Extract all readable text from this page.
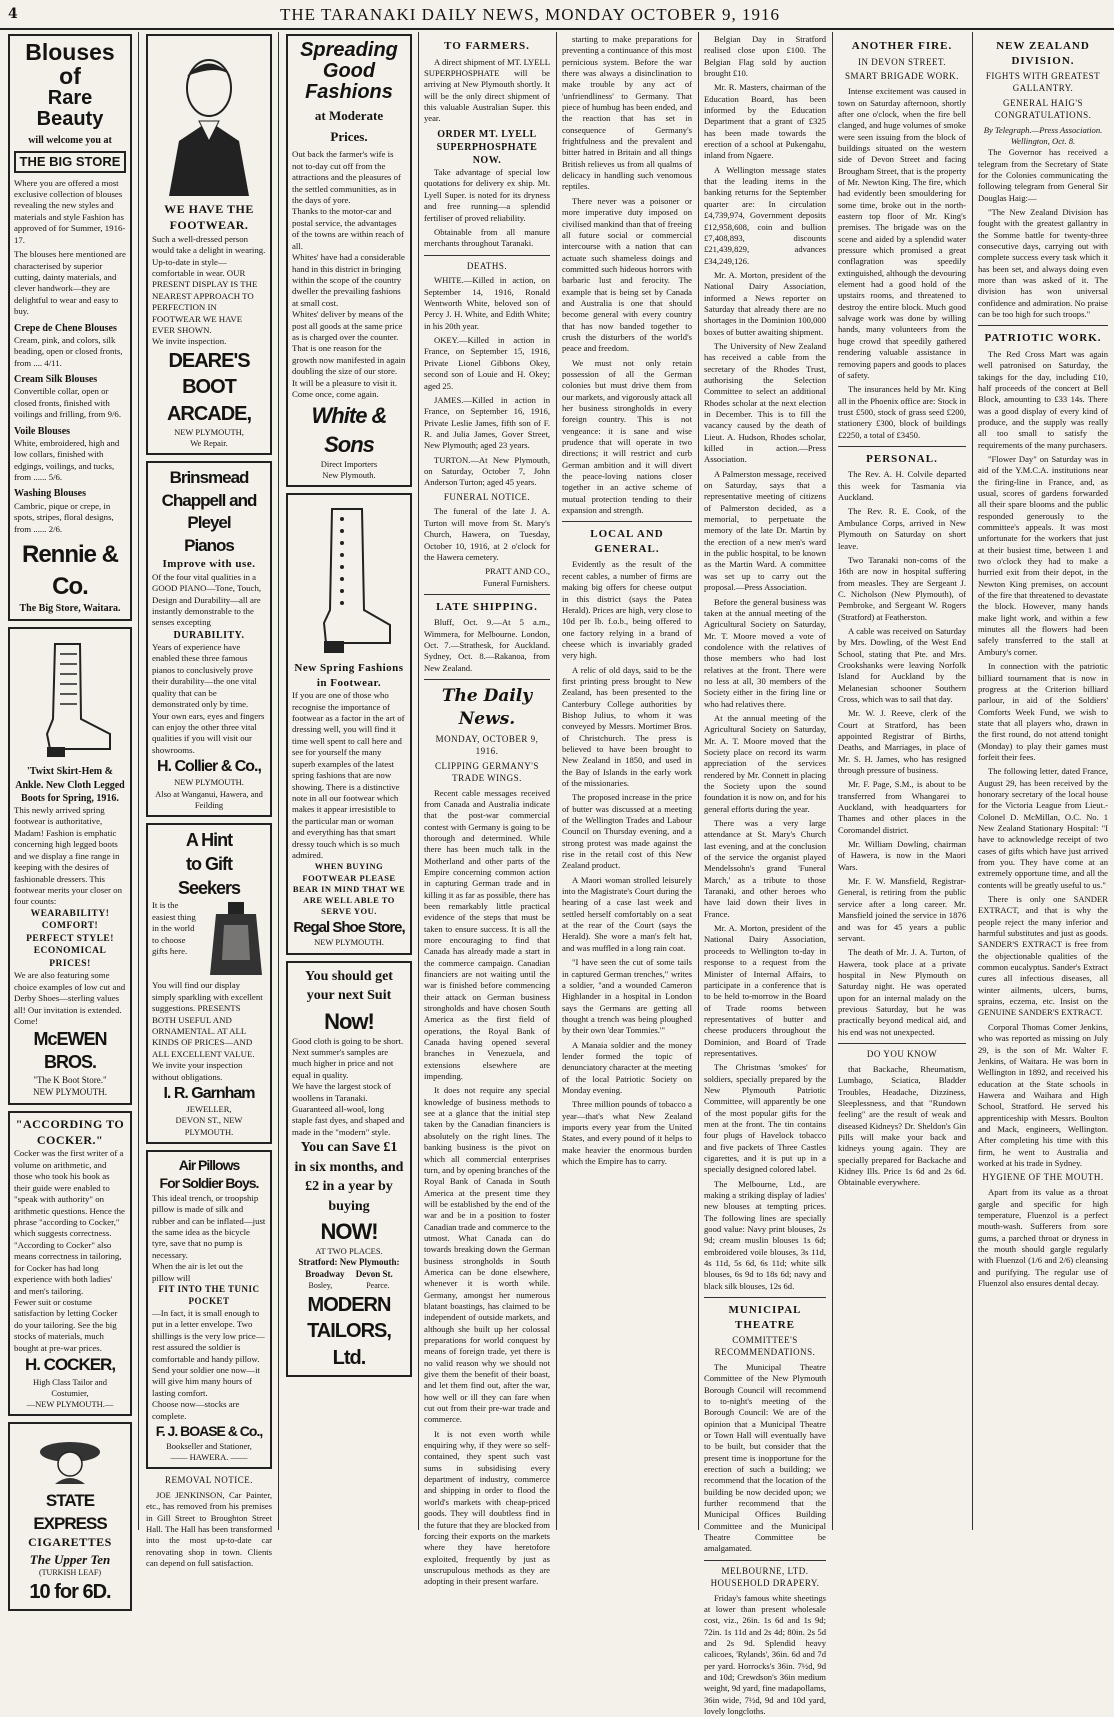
4	THE TARANAKI DAILY NEWS, MONDAY OCTOBER 9, 1916
Blouses of
Rare Beauty
will welcome you at
THE BIG STORE
Where you are offered a most exclusive collection of blouses revealing the new styles and materials and style Fashion has approved of for Summer, 1916-17.
The blouses here mentioned are characterised by superior cutting, dainty materials, and clever handwork—they are delightful to wear and easy to buy.
Crepe de Chene Blouses
Cream, pink, and colors, silk beading, open or closed fronts, from .... 4/11.
Cream Silk Blouses
Convertible collar, open or closed fronts, finished with voilings and frilling, from 9/6.
Voile Blouses
White, embroidered, high and low collars, finished with edgings, voilings, and tucks, from ...... 5/6.
Washing Blouses
Cambric, pique or crepe, in spots, stripes, floral designs, from ...... 2/6.
Rennie & Co.
The Big Store, Waitara.
'Twixt Skirt-Hem & Ankle. New Cloth Legged Boots for Spring, 1916.
This newly arrived spring footwear is authoritative, Madam! Fashion is emphatic concerning high legged boots and we display a fine range in keeping with the desires of fashionable dressers. This footwear merits your closer on four counts:
WEARABILITY!
COMFORT!
PERFECT STYLE!
ECONOMICAL PRICES!
We are also featuring some choice examples of low cut and Derby Shoes—sterling values all! Our invitation is extended. Come!
McEWEN BROS.
"The K Boot Store."
NEW PLYMOUTH.
"ACCORDING TO COCKER."
Cocker was the first writer of a volume on arithmetic, and those who took his book as their guide were enabled to "speak with authority" on arithmetic questions. Hence the phrase "according to Cocker," which suggests correctness.
"According to Cocker" also means correctness in tailoring, for Cocker has had long experience with both ladies' and men's tailoring.
Fewer suit or costume satisfaction by letting Cocker do your tailoring. See the big stocks of materials, much bought at pre-war prices.
H. COCKER,
High Class Tailor and Costumier,
—NEW PLYMOUTH.—
STATE EXPRESS
CIGARETTES
The Upper Ten
(TURKISH LEAF)
10 for 6D.
WE HAVE THE FOOTWEAR.
Such a well-dressed person would take a delight in wearing.
Up-to-date in style—comfortable in wear. OUR PRESENT DISPLAY IS THE NEAREST APPROACH TO PERFECTION IN FOOTWEAR WE HAVE EVER SHOWN.
We invite inspection.
DEARE'S
BOOT
ARCADE,
NEW PLYMOUTH,
We Repair.
Brinsmead
Chappell and
Pleyel
Pianos
Improve with use.
Of the four vital qualities in a GOOD PIANO—Tone, Touch, Design and Durability—all are instantly demonstrable to the senses excepting
DURABILITY.
Years of experience have enabled these three famous pianos to conclusively prove their durability—the one vital quality that can be demonstrated only by time.
Your own ears, eyes and fingers can enjoy the other three vital qualities if you will visit our showrooms.
H. Collier & Co.,
NEW PLYMOUTH.
Also at Wanganui, Hawera, and Feilding
A Hint
to Gift
Seekers
It is the easiest thing in the world to choose gifts here.
You will find our display simply sparkling with excellent suggestions. PRESENTS BOTH USEFUL AND ORNAMENTAL. AT ALL KINDS OF PRICES—AND ALL EXCELLENT VALUE.
We invite your inspection without obligations.
I. R. Garnham
JEWELLER,
DEVON ST., NEW PLYMOUTH.
Air Pillows
For Soldier Boys.
This ideal trench, or troopship pillow is made of silk and rubber and can be inflated—just the same idea as the bicycle tyre, save that no pump is necessary.
When the air is let out the pillow will
FIT INTO THE TUNIC POCKET
—In fact, it is small enough to put in a letter envelope. Two shillings is the very low price—rest assured the soldier is comfortable and handy pillow. Send your soldier one now—it will give him many hours of lasting comfort.
Choose now—stocks are complete.
F. J. BOASE & Co.,
Bookseller and Stationer,
—— HAWERA. ——
REMOVAL NOTICE.

JOE JENKINSON, Car Painter, etc., has removed from his premises in Gill Street to Broughton Street Hall. The Hall has been transformed into the most up-to-date car renovating shop in town. Clients can depend on full satisfaction.

Spreading
Good Fashions
at Moderate
Prices.
Out back the farmer's wife is not to-day cut off from the attractions and the pleasures of the settled communities, as in the days of yore.
Thanks to the motor-car and postal service, the advantages of the towns are within reach of all.
Whites' have had a considerable hand in this district in bringing within the scope of the country dweller the prevailing fashions at small cost.
Whites' deliver by means of the post all goods at the same price as is charged over the counter.
That is one reason for the growth now manifested in again doubling the size of our store.
It will be a pleasure to visit it. Come once, come again.
White & Sons
Direct Importers
New Plymouth.
New Spring Fashions in Footwear.
If you are one of those who recognise the importance of footwear as a factor in the art of dressing well, you will find it time well spent to call here and see for yourself the many superb examples of the latest spring fashions that are now showing. There is a distinctive note in all our footwear which makes it appear irresistible to the particular man or woman and everything has that smart dressy touch which is so much admired.
WHEN BUYING FOOTWEAR PLEASE BEAR IN MIND THAT WE ARE WELL ABLE TO SERVE YOU.
Regal Shoe Store,
NEW PLYMOUTH.
You should get
your next Suit
Now!
Good cloth is going to be short. Next summer's samples are much higher in price and not equal in quality.
We have the largest stock of woollens in Taranaki.
Guaranteed all-wool, long staple fast dyes, and shaped and made in the "modern" style.
You can Save £1
in six months, and
£2 in a year by
buying
NOW!
AT TWO PLACES.
Stratford: New Plymouth:
Broadway     Devon St.
Bosley,                 Pearce.
MODERN
TAILORS,
Ltd.
TO FARMERS.

A direct shipment of MT. LYELL SUPERPHOSPHATE will be arriving at New Plymouth shortly. It will be the only direct shipment of this valuable Australian Super. this year.

ORDER MT. LYELL
SUPERPHOSPHATE
NOW.

Take advantage of special low quotations for delivery ex ship. Mt. Lyell Super. is noted for its dryness and free running—a splendid fertiliser of proved reliability.

Obtainable from all manure merchants throughout Taranaki.

DEATHS.

WHITE.—Killed in action, on September 14, 1916, Ronald Wentworth White, beloved son of Percy J. H. White, and Edith White; in his 20th year.

OKEY.—Killed in action in France, on September 15, 1916, Private Lionel Gibbons Okey, second son of Louie and H. Okey; aged 25.

JAMES.—Killed in action in France, on September 16, 1916, Private Leslie James, fifth son of F. R. and Julia James, Gover Street, New Plymouth; aged 23 years.

TURTON.—At New Plymouth, on Saturday, October 7, John Anderson Turton; aged 45 years.

FUNERAL NOTICE.

The funeral of the late J. A. Turton will move from St. Mary's Church, Hawera, on Tuesday, October 10, 1916, at 2 o'clock for the Hawera cemetery.

PRATT AND CO.,
Funeral Furnishers.
LATE SHIPPING.

Bluff, Oct. 9.—At 5 a.m., Wimmera, for Melbourne. London, Oct. 7.—Strathesk, for Auckland. Sydney, Oct. 8.—Rakanoa, from New Zealand.

The Daily News.
MONDAY, OCTOBER 9, 1916.
CLIPPING GERMANY'S TRADE WINGS.

Recent cable messages received from Canada and Australia indicate that the post-war commercial contest with Germany is going to be thorough and determined. While there has been much talk in the Motherland and other parts of the Empire concerning common action in capturing German trade and in killing it as far as possible, there has been remarkably little practical evidence of the steps that must be taken to ensure success. It is all the more encouraging to find that Canada has already made a start in the commerce campaign. Canadian financiers are not waiting until the war is finished before commencing their attack on German business strongholds and have chosen South America as the first field of operations, the Royal Bank of Canada having opened several branches in Venezuela, and extensions elsewhere are impending.

It does not require any special knowledge of business methods to see at a glance that the initial step taken by the Canadian financiers is absolutely on the right lines. The banking business is the pivot on which all commercial enterprises turn, and by opening branches of the Royal Bank of Canada in South America at the present time they will be established by the end of the war and be in a position to foster Canadian trade and commerce to the utmost. What Canada can do towards breaking down the German business strongholds in South America can be done elsewhere, whenever it is worth while. Germany, amongst her numerous blatant boastings, has claimed to be independent of outside markets, and although she built up her colossal preparations for world conquest by means of foreign trade, yet there is no valid reason why we should not give them the benefit of their boast, and let them find out, after the war, how well or ill they can fare when cut out from their pre-war trade and commerce.

It is not even worth while enquiring why, if they were so self-contained, they spent such vast sums in subsidising every department of industry, commerce and shipping in order to flood the world's markets with cheap-priced goods. They will doubtless find in the future that they are blocked from forcing their exports on the markets where they have heretofore exploited, frequently by just as unscrupulous methods as they are adopting in their present warfare.

starting to make preparations for preventing a continuance of this most pernicious system. Before the war there was always a disinclination to make trouble by any act of 'unfriendliness' to Germany. That piece of humbug has been ended, and the reaction that has set in consequence of Germany's frightfulness and the prevalent and bitter hatred in Britain and all things British relieves us from all qualms of delicacy in handling such venomous reptiles.

There never was a poisoner or more imperative duty imposed on civilised mankind than that of freeing all future social or commercial intercourse with a nation that can actuate such shameless doings and committed such hideous horrors with barbaric lust and ferocity. The example that is being set by Canada and Australia is one that should become general with every country that has now banded together to crush the disturbers of the world's peace and freedom.

We must not only retain possession of all the German colonies but must drive them from our markets, and vigorously attack all her business strongholds in every foreign country. This is not vengeance: it is sane and wise prudence that will operate in two directions; it will restrict and curb German ambition and it will divert the peace-loving nations closer together in an active scheme of mutual protection tending to their expansion and strength.

LOCAL AND GENERAL.

Evidently as the result of the recent cables, a number of firms are making big offers for cheese output in this district (says the Patea Herald). Prices are high, very close to 10d per lb. f.o.b., being offered to one factory relying in a brand of cheese which is invariably graded very high.

A relic of old days, said to be the first printing press brought to New Zealand, has been presented to the Canterbury College authorities by Bishop Julius, to whom it was conveyed by Messrs. Mortimer Bros. of Christchurch. The press is believed to have been brought to New Zealand in 1850, and used in the Bay of Islands in the early work of the missionaries.

The proposed increase in the price of butter was discussed at a meeting of the Wellington Trades and Labour Council on Thursday evening, and a strong protest was made against the rise in the retail cost of this New Zealand product.

A Maori woman strolled leisurely into the Magistrate's Court during the hearing of a case last week and settled herself comfortably on a seat at the rear of the Court (says the Herald). She wore a man's felt hat, and was muffled in a long rain coat.

"I have seen the cut of some tails in captured German trenches," writes a soldier, "and a wounded Cameron Highlander in a hospital in London says the Germans are getting all thought a trench was being ploughed by their own 'dear Tommies.'"

A Manaia soldier and the money lender formed the topic of denunciatory character at the meeting of the local Patriotic Society on Monday evening.

Three million pounds of tobacco a year—that's what New Zealand imports every year from the United States, and every pound of it helps to make heavier the enormous burden which the Empire has to carry.

Belgian Day in Stratford realised close upon £100. The Belgian Flag sold by auction brought £10.

Mr. R. Masters, chairman of the Education Board, has been informed by the Education Department that a grant of £325 has been made towards the erection of a school at Pukengahu, inland from Ngaere.

A Wellington message states that the leading items in the banking returns for the September quarter are: In circulation £4,739,974, Government deposits £12,958,608, coin and bullion £7,408,893, discounts £21,439,829, advances £34,249,126.

Mr. A. Morton, president of the National Dairy Association, informed a News reporter on Saturday that already there are no shortages in the Dominion 100,000 boxes of butter awaiting shipment.

The University of New Zealand has received a cable from the secretary of the Rhodes Trust, authorising the Selection Committee to select an additional Rhodes scholar at the next election in December. This is to fill the vacancy caused by the death of Lieut. A. Hudson, Rhodes scholar, killed in action.—Press Association.

A Palmerston message, received on Saturday, says that a representative meeting of citizens of Palmerston decided, as a memorial, to perpetuate the memory of the late Dr. Martin by the erection of a new men's ward in the public hospital, to be known as the Martin Ward. A committee was set up to carry out the proposal.—Press Association.

Before the general business was taken at the annual meeting of the Agricultural Society on Saturday, Mr. T. Moore moved a vote of condolence with the relatives of those members who had lost relatives at the front. There were no less at all, 30 members of the Society either in the firing line or who had relatives there.

At the annual meeting of the Agricultural Society on Saturday, Mr. A. T. Moore moved that the Society place on record its warm appreciation of the services rendered by Mr. Connett in placing the Society upon the sound foundation it is now on, and for his general efforts during the year.

There was a very large attendance at St. Mary's Church last evening, and at the conclusion of the service the organist played Mendelssohn's grand 'Funeral March,' as a tribute to those Taranaki, and other heroes who have laid down their lives in France.

Mr. A. Morton, president of the National Dairy Association, proceeds to Wellington to-day in response to a request from the Minister of Internal Affairs, to participate in a conference that is to be held to-morrow in the Board of Trade rooms between representatives of butter and cheese producers throughout the Dominion, and Board of Trade representatives.

The Christmas 'smokes' for soldiers, specially prepared by the New Plymouth Patriotic Committee, will apparently be one of the most popular gifts for the men at the front. The tin contains four plugs of Havelock tobacco and five packets of Three Castles cigarettes, and it is put up in a specially designed colored label.

The Melbourne, Ltd., are making a striking display of ladies' new blouses at tempting prices. The following lines are specially good value: Navy print blouses, 2s 9d; cream muslin blouses 1s 6d; embroidered voile blouses, 3s 11d, 4s 11d, 5s 6d, 6s 11d; white silk blouses, 6s 9d to 18s 6d; navy and black silk blouses, 12s 6d.

MUNICIPAL THEATRE
COMMITTEE'S RECOMMENDATIONS.

The Municipal Theatre Committee of the New Plymouth Borough Council will recommend to to-night's meeting of the Borough Council: We are of the opinion that a Municipal Theatre or Town Hall will eventually have to be built, but consider that the present time is inopportune for the erection of such a building; we recommend that the location of the building be now decided upon; we further recommend that the Municipal Offices Building Committee and the Municipal Theatre Committee be amalgamated.

MELBOURNE, LTD. HOUSEHOLD DRAPERY.

Friday's famous white sheetings at lower than present wholesale cost, viz., 26in. 1s 6d and 1s 9d; 72in. 1s 11d and 2s 4d; 80in. 2s 5d and 2s 9d. Splendid heavy calicoes, 'Rylands', 36in. 6d and 7d per yard. Horrocks's 36in. 7½d, 9d and 10d; Crewdson's 36in medium weight, 9d yard, fine madapollams, 36in wide, 7½d, 9d and 10d yard, lovely longcloths.

ANOTHER FIRE.
IN DEVON STREET.
SMART BRIGADE WORK.

Intense excitement was caused in town on Saturday afternoon, shortly after one o'clock, when the fire bell clanged, and huge volumes of smoke were seen issuing from the block of buildings situated on the western side of Devon Street and facing Brougham Street, that is the property of Mr. Newton King. The fire, which had evidently been smouldering for some time, broke out in the north-eastern top floor of Mr. King's premises. The brigade was on the scene and aided by a splendid water pressure which promised a great conflagration was speedily extinguished, although the devouring element had a good hold of the upstairs rooms, and threatened to destroy the entire block. Much good salvage work was done by willing hands, many volunteers from the huge crowd that speedily gathered rendering valuable assistance in removing papers and goods to places of safety.

The insurances held by Mr. King all in the Phoenix office are: Stock in trust £500, stock of grass seed £200, stationery £300, block of buildings £2250, a total of £3450.

PERSONAL.

The Rev. A. H. Colvile departed this week for Tasmania via Auckland.

The Rev. R. E. Cook, of the Ambulance Corps, arrived in New Plymouth on Saturday on short leave.

Two Taranaki non-coms of the 16th are now in hospital suffering from measles. They are Sergeant J. C. Nicholson (New Plymouth), of Pembroke, and Sergeant W. Rogers (Stratford) at Featherston.

A cable was received on Saturday by Mrs. Dowling, of the West End School, stating that Pte. and Mrs. Crookshanks were leaving Norfolk Island for Auckland by the Melanesian schooner Southern Cross, which was to sail that day.

Mr. W. J. Reeve, clerk of the Court at Stratford, has been appointed Registrar of Births, Deaths, and Marriages, in place of Mr. S. H. James, who has resigned through pressure of business.

Mr. F. Page, S.M., is about to be transferred from Whangarei to Auckland, with headquarters for Thames and other places in the Coromandel district.

Mr. William Dowling, chairman of Hawera, is now in the Maori Wars.

Mr. F. W. Mansfield, Registrar-General, is retiring from the public service after a long career. Mr. Mansfield joined the service in 1876 and was for 45 years a public servant.

The death of Mr. J. A. Turton, of Hawera, took place at a private hospital in New Plymouth on Saturday night. He was operated upon for an internal malady on the previous Saturday, but he was practically beyond medical aid, and his end was not unexpected.

DO YOU KNOW

that Backache, Rheumatism, Lumbago, Sciatica, Bladder Troubles, Headache, Dizziness, Sleeplessness, and that "Rundown feeling" are the result of weak and diseased Kidneys? Dr. Sheldon's Gin Pills will make your back and kidneys young again. They are specially prepared for Backache and Kidney Ills. Price 1s 6d and 2s 6d. Obtainable everywhere.

NEW ZEALAND DIVISION.
FIGHTS WITH GREATEST GALLANTRY.
GENERAL HAIG'S CONGRATULATIONS.
By Telegraph.—Press Association. Wellington, Oct. 8.

The Governor has received a telegram from the Secretary of State for the Colonies communicating the following telegram from General Sir Douglas Haig:—

"The New Zealand Division has fought with the greatest gallantry in the Somme battle for twenty-three consecutive days, carrying out with complete success every task which it has been set, and always doing even more than was asked of it. The division has won universal confidence and admiration. No praise can be too high for such troops."

PATRIOTIC WORK.

The Red Cross Mart was again well patronised on Saturday, the takings for the day, including £10, half proceeds of the concert at Bell Block, amounting to £33 14s. There was a good display of every kind of produce, and the supply was really all too small to satisfy the requirements of the many purchasers.

"Flower Day" on Saturday was in aid of the Y.M.C.A. institutions near the firing-line in France, and, as usual, scores of gardens forwarded all their spare blooms and the public responded generously to the committee's appeals. It was most unfortunate for the workers that just at their busiest time, between 1 and two o'clock they had to make a hurried exit from their depot, in the Newton King premises, on account of the fire that threatened to devastate the block. However, many hands make light work, and within a few minutes all the flowers had been safely transferred to the stall at Ambury's corner.

In connection with the patriotic billiard tournament that is now in progress at the Criterion billiard parlour, in aid of the Soldiers' Comforts Week Fund, we wish to state that all players who, drawn in the first round, do not attend tonight (Monday) to play their games must forfeit their fees.

The following letter, dated France, August 29, has been received by the honorary secretary of the local house for the Victoria League from Lieut.-Colonel D. McMillan, O.C. No. 1 New Zealand Stationary Hospital: "I have to acknowledge receipt of two cases of gifts which have just arrived from you. They have come at an extremely opportune time, and all the contents will be greatly useful to us."

There is only one SANDER EXTRACT, and that is why the people reject the many inferior and harmful substitutes and just as goods. SANDER'S EXTRACT is free from the objectionable qualities of the common eucalyptus. Sander's Extract cures all infectious diseases, all winter ailments, ulcers, burns, sprains, eczema, etc. Insist on the GENUINE SANDER'S EXTRACT.

Corporal Thomas Comer Jenkins, who was reported as missing on July 29, is the son of Mr. Walter F. Jenkins, of Waitara. He was born in Wellington in 1892, and received his education at the State schools in Hawera and Waihara and High School, Stratford. He served his apprenticeship with Messrs. Boulton and Mack, engineers, Wellington. After completing his time with this firm, he went to Australia and worked at his trade in Sydney.

HYGIENE OF THE MOUTH.

Apart from its value as a throat gargle and specific for high temperature, Fluenzol is a perfect mouth-wash. Sufferers from sore gums, a parched throat or dryness in the mouth should gargle regularly with Fluenzol (1/6 and 2/6) cleansing and purifying. The regular use of Fluenzol also ensures dental decay.
